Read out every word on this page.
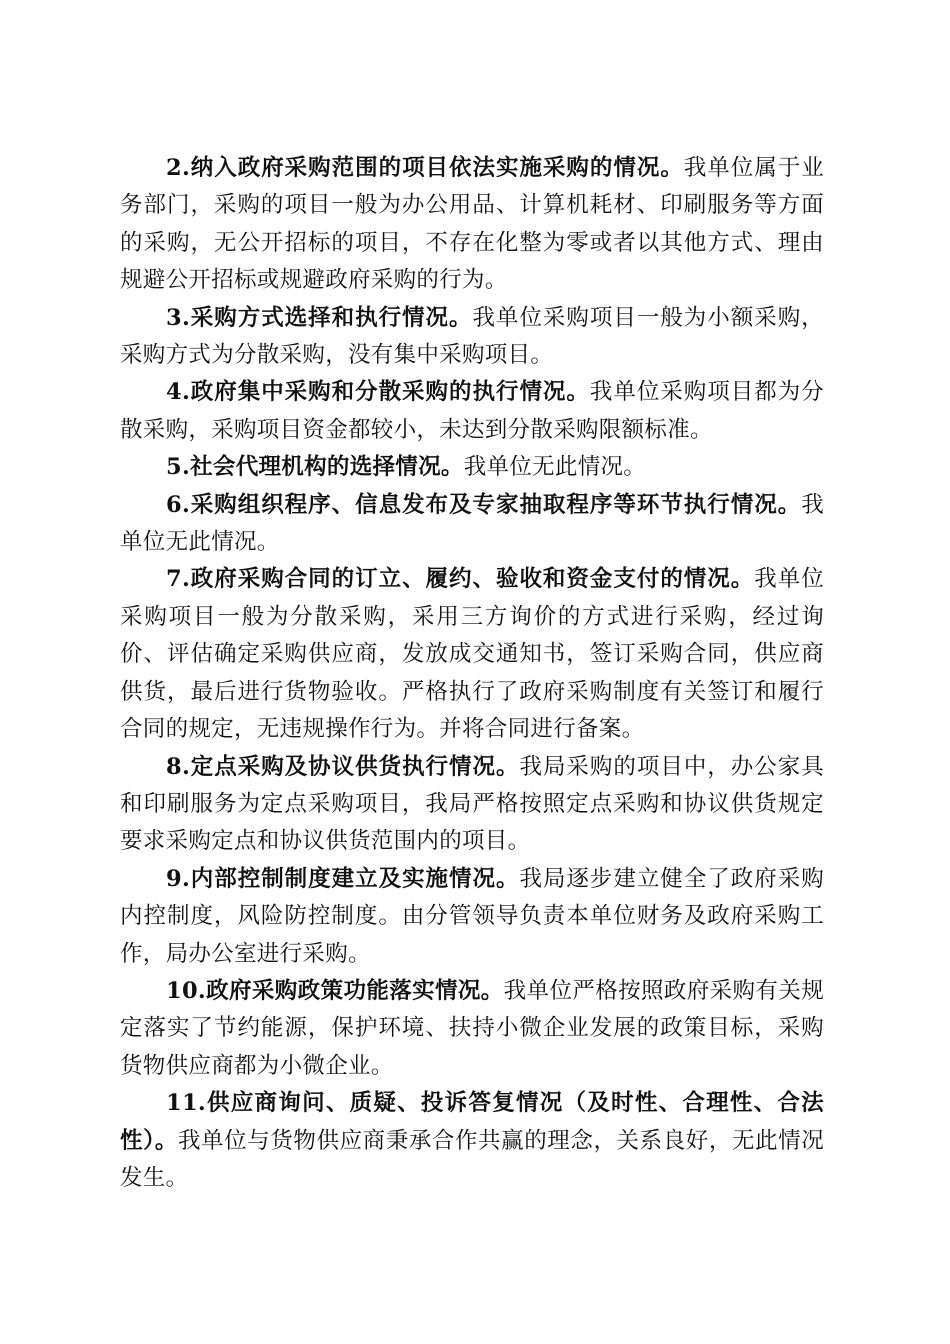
2.纳入政府采购范围的项目依法实施采购的情况。我单位属于业务部门，采购的项目一般为办公用品、计算机耗材、印刷服务等方面的采购，无公开招标的项目，不存在化整为零或者以其他方式、理由规避公开招标或规避政府采购的行为。

3.采购方式选择和执行情况。我单位采购项目一般为小额采购，采购方式为分散采购，没有集中采购项目。

4.政府集中采购和分散采购的执行情况。我单位采购项目都为分散采购，采购项目资金都较小，未达到分散采购限额标准。

5.社会代理机构的选择情况。我单位无此情况。

6.采购组织程序、信息发布及专家抽取程序等环节执行情况。我单位无此情况。

7.政府采购合同的订立、履约、验收和资金支付的情况。我单位采购项目一般为分散采购，采用三方询价的方式进行采购，经过询价、评估确定采购供应商，发放成交通知书，签订采购合同，供应商供货，最后进行货物验收。严格执行了政府采购制度有关签订和履行合同的规定，无违规操作行为。并将合同进行备案。

8.定点采购及协议供货执行情况。我局采购的项目中，办公家具和印刷服务为定点采购项目，我局严格按照定点采购和协议供货规定要求采购定点和协议供货范围内的项目。

9.内部控制制度建立及实施情况。我局逐步建立健全了政府采购内控制度，风险防控制度。由分管领导负责本单位财务及政府采购工作，局办公室进行采购。

10.政府采购政策功能落实情况。我单位严格按照政府采购有关规定落实了节约能源，保护环境、扶持小微企业发展的政策目标，采购货物供应商都为小微企业。

11.供应商询问、质疑、投诉答复情况（及时性、合理性、合法性）。我单位与货物供应商秉承合作共赢的理念，关系良好，无此情况发生。
